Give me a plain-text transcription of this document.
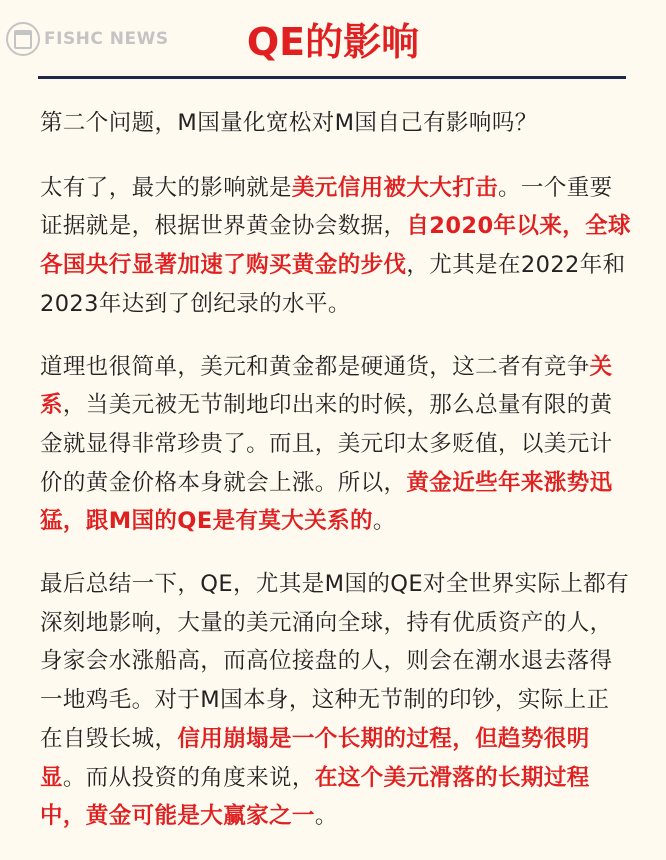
FISHC NEWS	QE的影响

第二个问题，M国量化宽松对M国自己有影响吗？

太有了，最大的影响就是美元信用被大大打击。一个重要证据就是，根据世界黄金协会数据，自2020年以来，全球各国央行显著加速了购买黄金的步伐，尤其是在2022年和2023年达到了创纪录的水平。

道理也很简单，美元和黄金都是硬通货，这二者有竞争关系，当美元被无节制地印出来的时候，那么总量有限的黄金就显得非常珍贵了。而且，美元印太多贬值，以美元计价的黄金价格本身就会上涨。所以，黄金近些年来涨势迅猛，跟M国的QE是有莫大关系的。

最后总结一下，QE，尤其是M国的QE对全世界实际上都有深刻地影响，大量的美元涌向全球，持有优质资产的人，身家会水涨船高，而高位接盘的人，则会在潮水退去落得一地鸡毛。对于M国本身，这种无节制的印钞，实际上正在自毁长城，信用崩塌是一个长期的过程，但趋势很明显。而从投资的角度来说，在这个美元滑落的长期过程中，黄金可能是大赢家之一。
